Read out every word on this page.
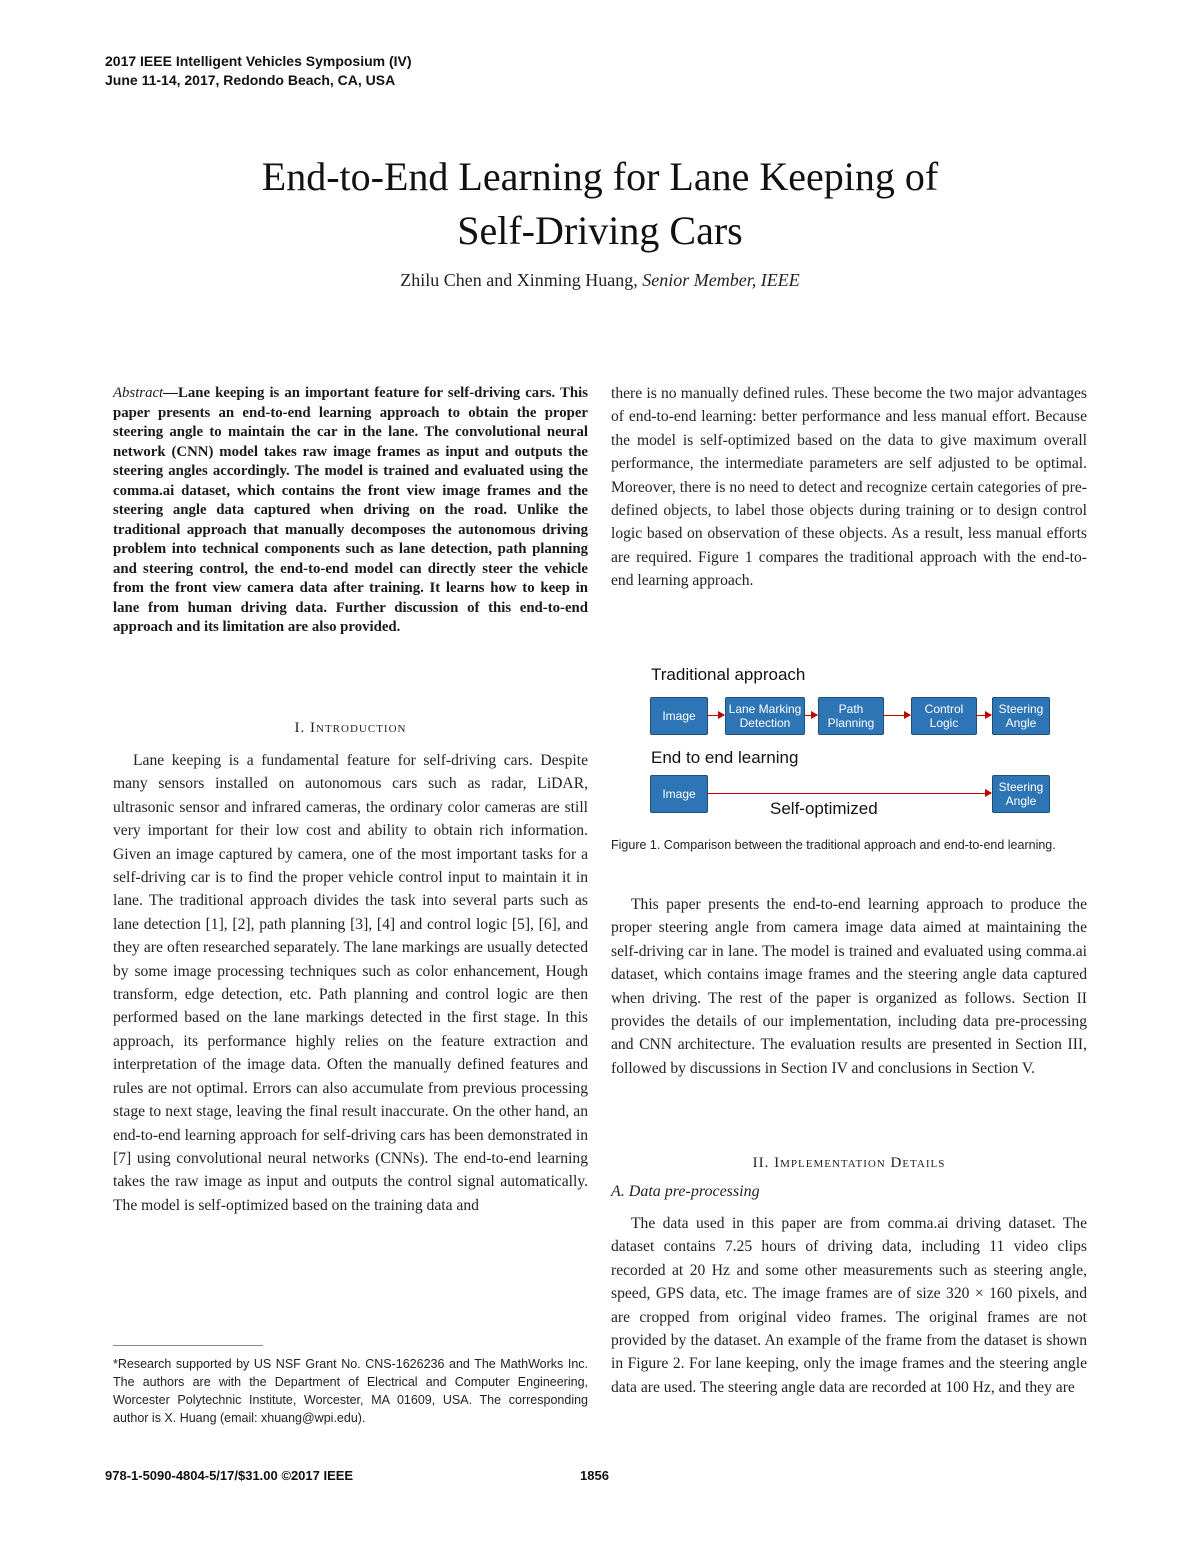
2017 IEEE Intelligent Vehicles Symposium (IV)
June 11-14, 2017, Redondo Beach, CA, USA
End-to-End Learning for Lane Keeping of
Self-Driving Cars
Zhilu Chen and Xinming Huang, Senior Member, IEEE
Abstract—Lane keeping is an important feature for self-driving cars. This paper presents an end-to-end learning approach to obtain the proper steering angle to maintain the car in the lane. The convolutional neural network (CNN) model takes raw image frames as input and outputs the steering angles accordingly. The model is trained and evaluated using the comma.ai dataset, which contains the front view image frames and the steering angle data captured when driving on the road. Unlike the traditional approach that manually decomposes the autonomous driving problem into technical components such as lane detection, path planning and steering control, the end-to-end model can directly steer the vehicle from the front view camera data after training. It learns how to keep in lane from human driving data. Further discussion of this end-to-end approach and its limitation are also provided.
I. Introduction
Lane keeping is a fundamental feature for self-driving cars. Despite many sensors installed on autonomous cars such as radar, LiDAR, ultrasonic sensor and infrared cameras, the ordinary color cameras are still very important for their low cost and ability to obtain rich information. Given an image captured by camera, one of the most important tasks for a self-driving car is to find the proper vehicle control input to maintain it in lane. The traditional approach divides the task into several parts such as lane detection [1], [2], path planning [3], [4] and control logic [5], [6], and they are often researched separately. The lane markings are usually detected by some image processing techniques such as color enhancement, Hough transform, edge detection, etc. Path planning and control logic are then performed based on the lane markings detected in the first stage. In this approach, its performance highly relies on the feature extraction and interpretation of the image data. Often the manually defined features and rules are not optimal. Errors can also accumulate from previous processing stage to next stage, leaving the final result inaccurate. On the other hand, an end-to-end learning approach for self-driving cars has been demonstrated in [7] using convolutional neural networks (CNNs). The end-to-end learning takes the raw image as input and outputs the control signal automatically. The model is self-optimized based on the training data and
*Research supported by US NSF Grant No. CNS-1626236 and The MathWorks Inc. The authors are with the Department of Electrical and Computer Engineering, Worcester Polytechnic Institute, Worcester, MA 01609, USA. The corresponding author is X. Huang (email: xhuang@wpi.edu).
there is no manually defined rules. These become the two major advantages of end-to-end learning: better performance and less manual effort. Because the model is self-optimized based on the data to give maximum overall performance, the intermediate parameters are self adjusted to be optimal. Moreover, there is no need to detect and recognize certain categories of pre-defined objects, to label those objects during training or to design control logic based on observation of these objects. As a result, less manual efforts are required. Figure 1 compares the traditional approach with the end-to-end learning approach.
Traditional approach
Image	Lane Marking Detection
Path Planning
Control Logic
Steering Angle
End to end learning
Image	Steering Angle
Self-optimized
Figure 1. Comparison between the traditional approach and end-to-end learning.
This paper presents the end-to-end learning approach to produce the proper steering angle from camera image data aimed at maintaining the self-driving car in lane. The model is trained and evaluated using comma.ai dataset, which contains image frames and the steering angle data captured when driving. The rest of the paper is organized as follows. Section II provides the details of our implementation, including data pre-processing and CNN architecture. The evaluation results are presented in Section III, followed by discussions in Section IV and conclusions in Section V.
II. Implementation Details
A. Data pre-processing
The data used in this paper are from comma.ai driving dataset. The dataset contains 7.25 hours of driving data, including 11 video clips recorded at 20 Hz and some other measurements such as steering angle, speed, GPS data, etc. The image frames are of size 320 × 160 pixels, and are cropped from original video frames. The original frames are not provided by the dataset. An example of the frame from the dataset is shown in Figure 2. For lane keeping, only the image frames and the steering angle data are used. The steering angle data are recorded at 100 Hz, and they are
978-1-5090-4804-5/17/$31.00 ©2017 IEEE	1856
